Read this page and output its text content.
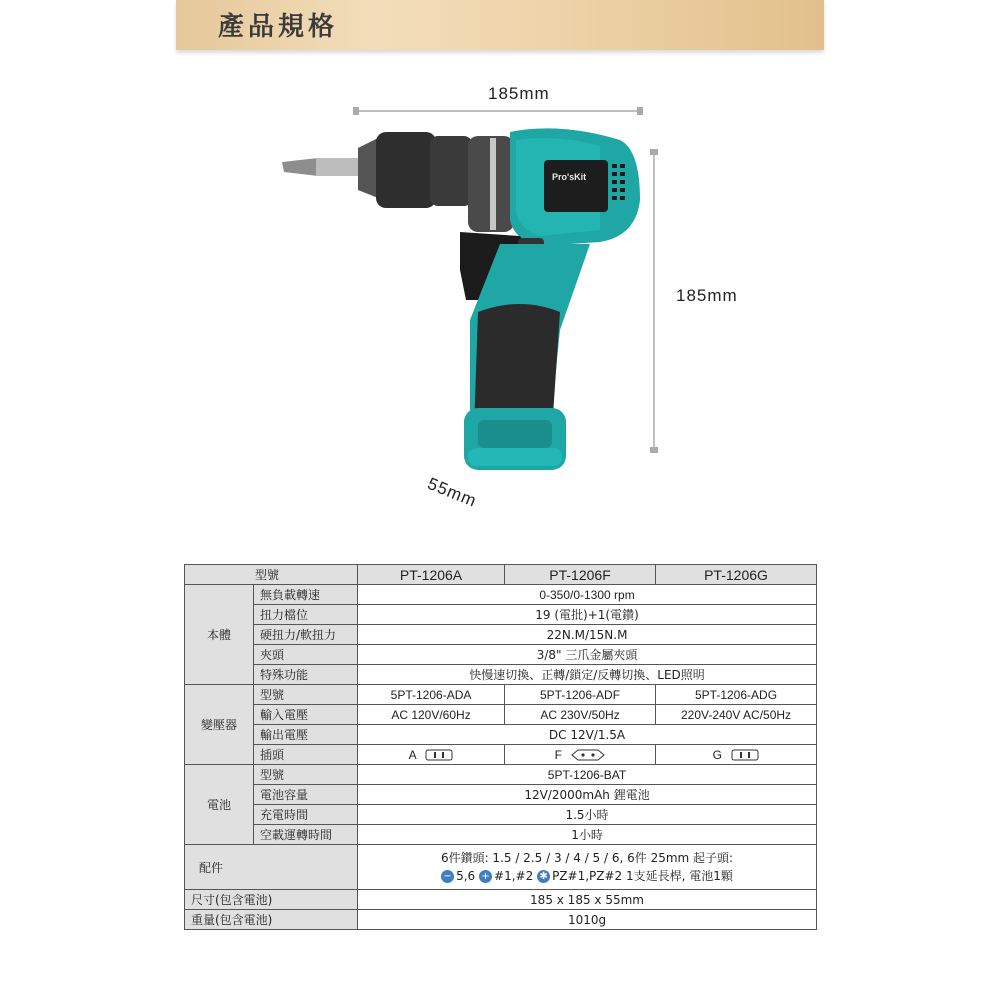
產品規格
Pro'sKit
185mm
185mm
55mm
型號		PT-1206A	PT-1206F	PT-1206G
本體	無負載轉速	0-350/0-1300 rpm		
	扭力檔位	19 (電批)+1(電鑽)		
	硬扭力/軟扭力	22N.M/15N.M		
	夾頭	3/8" 三爪金屬夾頭		
	特殊功能	快慢速切換、正轉/鎖定/反轉切換、LED照明		
變壓器	型號	5PT-1206-ADA	5PT-1206-ADF	5PT-1206-ADG
	輸入電壓	AC 120V/60Hz	AC 230V/50Hz	220V-240V AC/50Hz
	輸出電壓	DC 12V/1.5A		
	插頭	A	F	G
電池	型號	5PT-1206-BAT		
	電池容量	12V/2000mAh 鋰電池		
	充電時間	1.5小時		
	空載運轉時間	1小時		
配件		6件鑽頭: 1.5 / 2.5 / 3 / 4 / 5 / 6, 6件 25mm 起子頭:
− 5,6 + #1,#2 ✱ PZ#1,PZ#2 1支延長桿, 電池1顆		

尺寸(包含電池)		185 x 185 x 55mm		
重量(包含電池)		1010g		
